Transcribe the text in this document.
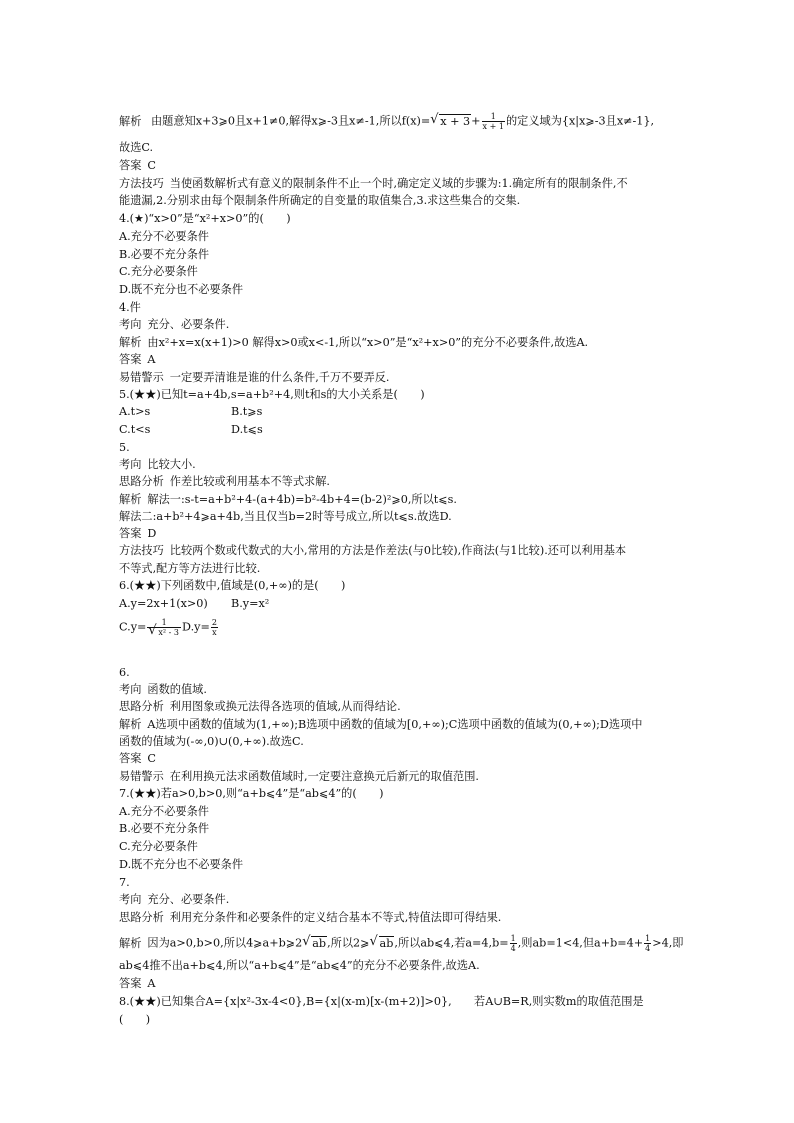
解析 由题意知x+3⩾0且x+1≠0,解得x⩾-3且x≠-1,所以f(x)= √ $x + 3+ \frac{1}{x + 1}$ 的定义域为{x|x⩾-3且x≠-1},
故选C.
答案 C
方法技巧 当使函数解析式有意义的限制条件不止一个时,确定定义域的步骤为:1.确定所有的限制条件,不
能遗漏,2.分别求由每个限制条件所确定的自变量的取值集合,3.求这些集合的交集.
4.(★)“x>0”是“x²+x>0”的(　　)
A.充分不必要条件
B.必要不充分条件
C.充分必要条件
D.既不充分也不必要条件
4.件
考向 充分、必要条件.
解析 由x²+x=x(x+1)>0 解得x>0或x<-1,所以“x>0”是“x²+x>0”的充分不必要条件,故选A.
答案 A
易错警示 一定要弄清谁是谁的什么条件,千万不要弄反.
5.(★★)已知t=a+4b,s=a+b²+4,则t和s的大小关系是(　　)
A.t>s	B.t⩾s
C.t<s	D.t⩽s
5.
考向 比较大小.
思路分析 作差比较或利用基本不等式求解.
解析 解法一:s-t=a+b²+4-(a+4b)=b²-4b+4=(b-2)²⩾0,所以t⩽s.
解法二:a+b²+4⩾a+4b,当且仅当b=2时等号成立,所以t⩽s.故选D.
答案 D
方法技巧 比较两个数或代数式的大小,常用的方法是作差法(与0比较),作商法(与1比较).还可以利用基本
不等式,配方等方法进行比较.
6.(★★)下列函数中,值域是(0,+∞)的是(　　)
A.y=2x+1(x>0) B.y=x²
C.y= 1
√ x² - 3 $D.y= \frac{2}{x}$
6.
考向 函数的值域.
思路分析 利用图象或换元法得各选项的值域,从而得结论.
解析 A选项中函数的值域为(1,+∞);B选项中函数的值域为[0,+∞);C选项中函数的值域为(0,+∞);D选项中
函数的值域为(-∞,0)∪(0,+∞).故选C.
答案 C
易错警示 在利用换元法求函数值域时,一定要注意换元后新元的取值范围.
7.(★★)若a>0,b>0,则“a+b⩽4”是“ab⩽4”的(　　)
A.充分不必要条件
B.必要不充分条件
C.充分必要条件
D.既不充分也不必要条件
7.
考向 充分、必要条件.
思路分析 利用充分条件和必要条件的定义结合基本不等式,特值法即可得结果.
解析 因为a>0,b>0,所以4⩾a+b⩾2 √ ab,所以2⩾ √ ab,所以ab⩽4,若$a=4,b= \frac{1}{4}$ ,则ab=1<4,但$a+b=4+ \frac{1}{4} >4$,即
ab⩽4推不出a+b⩽4,所以“a+b⩽4”是“ab⩽4”的充分不必要条件,故选A.
答案 A
8.(★★)已知集合A={x|x²-3x-4<0},B={x|(x-m)[x-(m+2)]>0},　　若A∪B=R,则实数m的取值范围是
(　　)
